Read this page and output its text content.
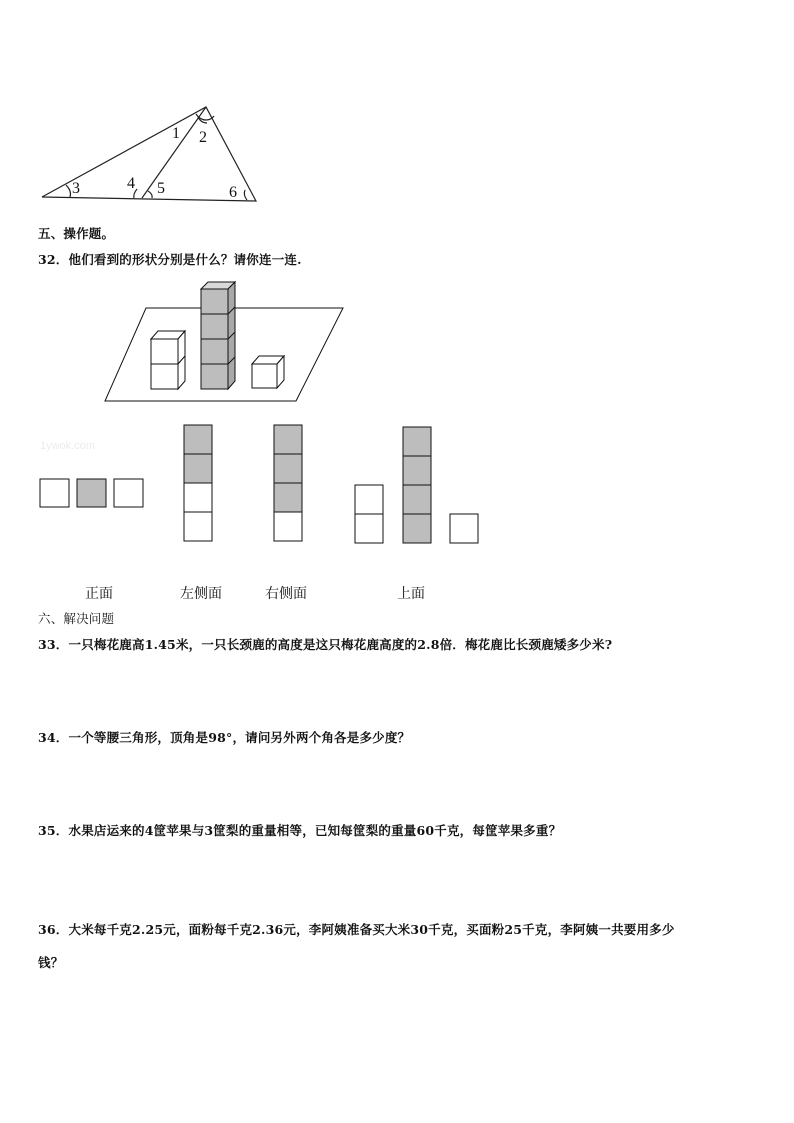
1 2
3	4 5	6
五、操作题。
32．他们看到的形状分别是什么？请你连一连.
1ywok.com
正面	左侧面	右侧面	上面
六、解决问题
33．一只梅花鹿高1.45米，一只长颈鹿的高度是这只梅花鹿高度的2.8倍．梅花鹿比长颈鹿矮多少米?
34．一个等腰三角形，顶角是98°，请问另外两个角各是多少度？
35．水果店运来的4筐苹果与3筐梨的重量相等，已知每筐梨的重量60千克，每筐苹果多重？
36．大米每千克2.25元，面粉每千克2.36元，李阿姨准备买大米30千克，买面粉25千克，李阿姨一共要用多少
钱？
